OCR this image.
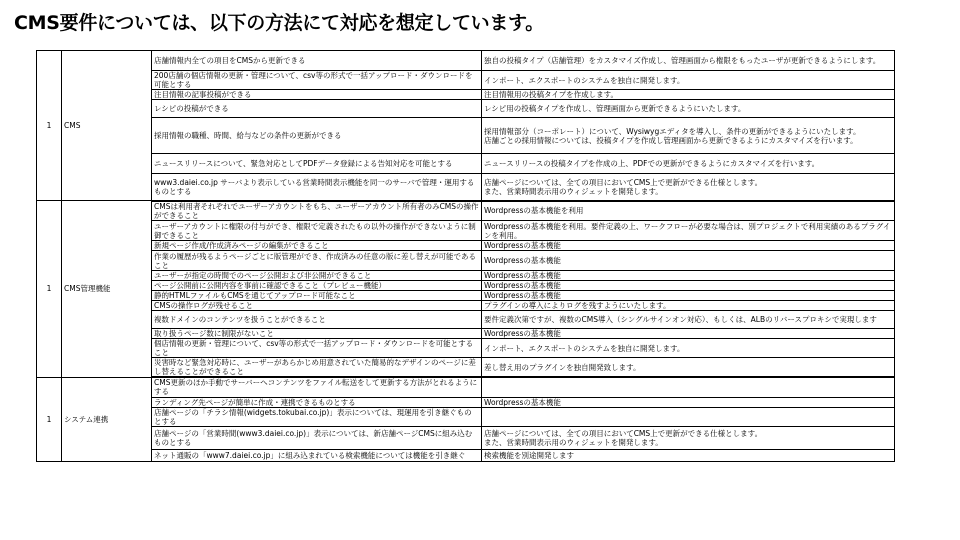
CMS要件については、以下の方法にて対応を想定しています。
1	CMS	店舗情報内全ての項目をCMSから更新できる	独自の投稿タイプ（店舗管理）をカスタマイズ作成し、管理画面から権限をもったユーザが更新できるようにします。
		200店舗の個店情報の更新・管理について、csv等の形式で一括アップロード・ダウンロードを可能とする	インポート、エクスポートのシステムを独自に開発します。
		注目情報の記事投稿ができる	注目情報用の投稿タイプを作成します。
		レシピの投稿ができる	レシピ用の投稿タイプを作成し、管理画面から更新できるようにいたします。
		採用情報の職種、時間、給与などの条件の更新ができる	採用情報部分（コーポレート）について、Wysiwygエディタを導入し、条件の更新ができるようにいたします。
店舗ごとの採用情報については、投稿タイプを作成し管理画面から更新できるようにカスタマイズを行います。
		ニュースリリースについて、緊急対応としてPDFデータ登録による告知対応を可能とする	ニュースリリースの投稿タイプを作成の上、PDFでの更新ができるようにカスタマイズを行います。
		www3.daiei.co.jp サーバより表示している営業時間表示機能を同一のサーバで管理・運用するものとする	店舗ページについては、全ての項目においてCMS上で更新ができる仕様とします。
また、営業時間表示用のウィジェットを開発します。
1	CMS管理機能	CMSは利用者それぞれでユーザーアカウントをもち、ユーザーアカウント所有者のみCMSの操作ができること	Wordpressの基本機能を利用
		ユーザーアカウントに権限の付与ができ、権限で定義されたもの以外の操作ができないように制御できること	Wordpressの基本機能を利用。要件定義の上、ワークフローが必要な場合は、別プロジェクトで利用実績のあるプラグインを利用。
		新規ページ作成/作成済みページの編集ができること	Wordpressの基本機能
		作業の履歴が残るようページごとに版管理ができ、作成済みの任意の版に差し替えが可能であること	Wordpressの基本機能
		ユーザーが指定の時間でのページ公開および非公開ができること	Wordpressの基本機能
		ページ公開前に公開内容を事前に確認できること（プレビュー機能）	Wordpressの基本機能
		静的HTMLファイルもCMSを通じてアップロード可能なこと	Wordpressの基本機能
		CMSの操作ログが残せること	プラグインの導入によりログを残すようにいたします。
		複数ドメインのコンテンツを扱うことができること	要件定義次第ですが、複数のCMS導入（シングルサインオン対応）、もしくは、ALBのリバースプロキシで実現します
		取り扱うページ数に制限がないこと	Wordpressの基本機能
		個店情報の更新・管理について、csv等の形式で一括アップロード・ダウンロードを可能とすること	インポート、エクスポートのシステムを独自に開発します。
		災害時など緊急対応時に、ユーザーがあらかじめ用意されていた簡易的なデザインのページに差し替えることができること	差し替え用のプラグインを独自開発致します。
1	システム連携	CMS更新のほか手動でサーバーへコンテンツをファイル転送をして更新する方法がとれるようにする	
		ランディング先ページが簡単に作成・連携できるものとする	Wordpressの基本機能
		店舗ページの「チラシ情報(widgets.tokubai.co.jp)」表示については、現運用を引き継ぐものとする	
		店舗ページの「営業時間(www3.daiei.co.jp)」表示については、新店舗ページCMSに組み込むものとする	店舗ページについては、全ての項目においてCMS上で更新ができる仕様とします。
また、営業時間表示用のウィジェットを開発します。
		ネット通販の「www7.daiei.co.jp」に組み込まれている検索機能については機能を引き継ぐ	検索機能を別途開発します
